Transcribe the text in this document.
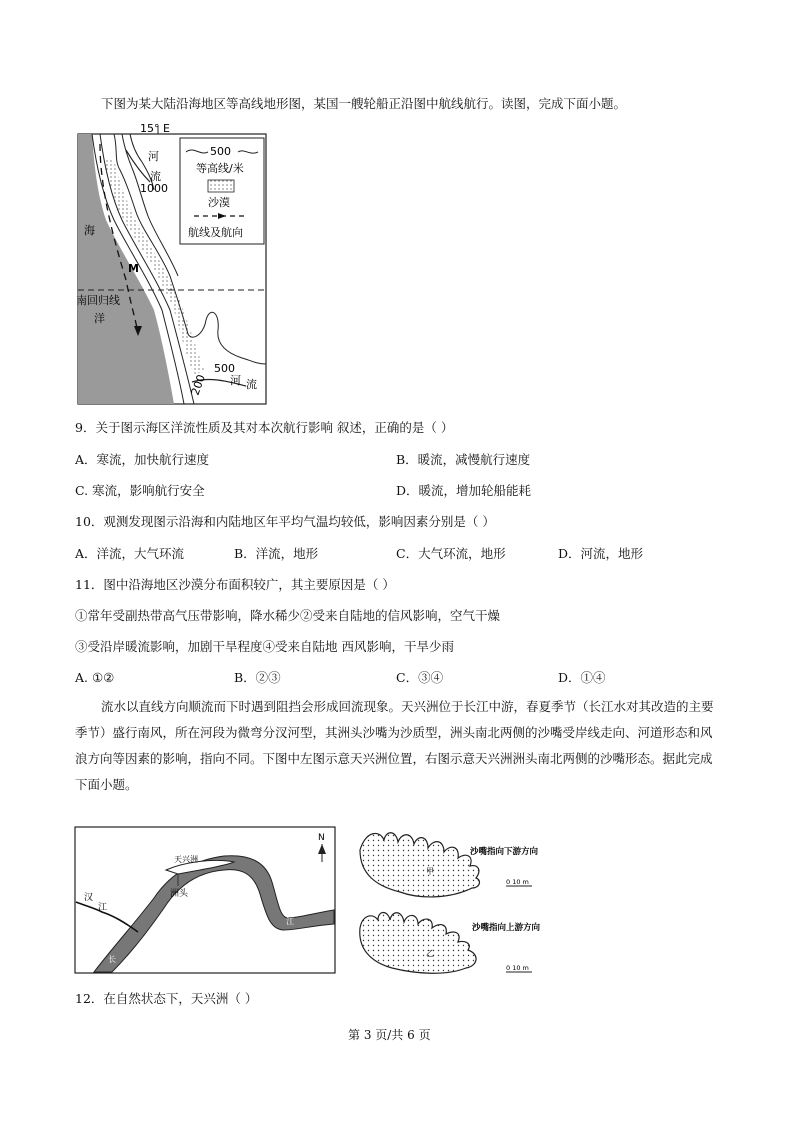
下图为某大陆沿海地区等高线地形图，某国一艘轮船正沿图中航线航行。读图，完成下面小题。
15° E
500
等高线/米
沙漠
航线及航向
河
流
1000
海
M
南回归线
洋
500
200 河 流
9．关于图示海区洋流性质及其对本次航行影响 叙述，正确的是（ ）
A．寒流，加快航行速度	B．暖流，减慢航行速度
C. 寒流，影响航行安全	D．暖流，增加轮船能耗
10．观测发现图示沿海和内陆地区年平均气温均较低，影响因素分别是（ ）
A．洋流，大气环流	B．洋流，地形	C．大气环流，地形	D．河流，地形
11．图中沿海地区沙漠分布面积较广，其主要原因是（ ）
①常年受副热带高气压带影响，降水稀少②受来自陆地的信风影响，空气干燥
③受沿岸暖流影响，加剧干旱程度④受来自陆地 西风影响，干旱少雨
A. ①②	B．②③	C．③④	D．①④
流水以直线方向顺流而下时遇到阻挡会形成回流现象。天兴洲位于长江中游，春夏季节（长江水对其改造的主要季节）盛行南风，所在河段为微弯分汊河型，其洲头沙嘴为沙质型，洲头南北两侧的沙嘴受岸线走向、河道形态和风浪方向等因素的影响，指向不同。下图中左图示意天兴洲位置，右图示意天兴洲洲头南北两侧的沙嘴形态。据此完成下面小题。
N
天兴洲
洲头
汉
江
长
江
沙嘴指向下游方向
甲
0 10 m
沙嘴指向上游方向
乙
0 10 m
12．在自然状态下，天兴洲（ ）
第 3 页/共 6 页
